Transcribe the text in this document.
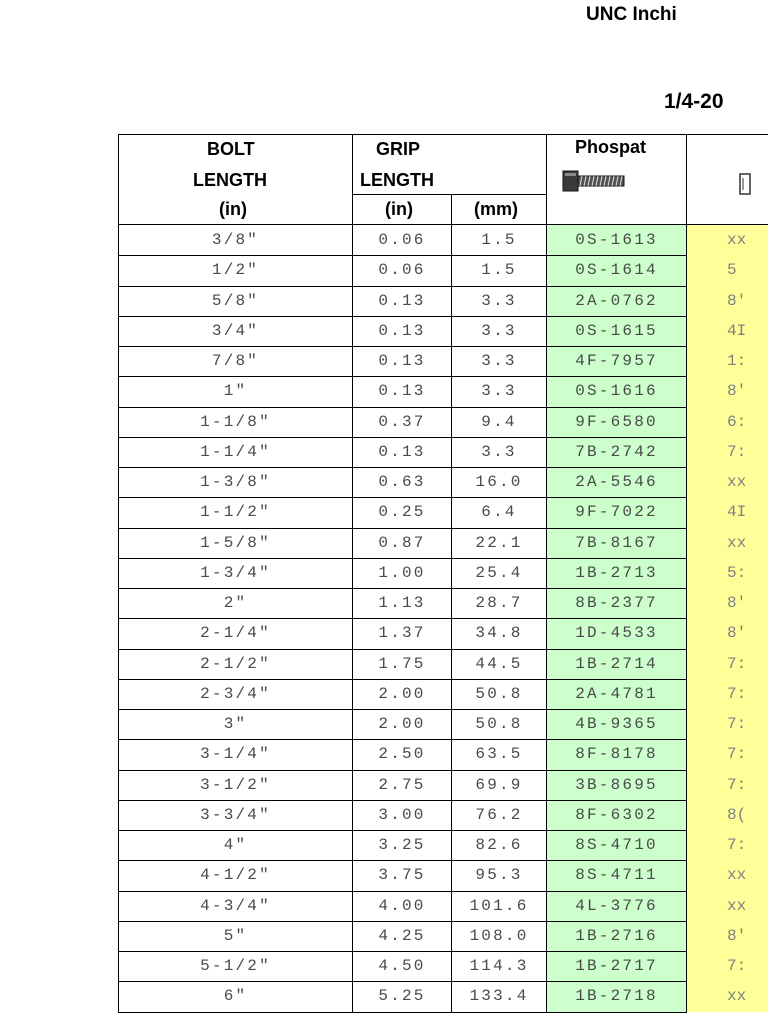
UNC Inchi
1/4-20
BOLT
LENGTH
(in)
GRIP
LENGTH
(in)	(mm)
Phospat
3/8"	0.06	1.5	0S-1613	xx
1/2"	0.06	1.5	0S-1614	5
5/8"	0.13	3.3	2A-0762	8'
3/4"	0.13	3.3	0S-1615	4I
7/8"	0.13	3.3	4F-7957	1:
1"	0.13	3.3	0S-1616	8'
1-1/8"	0.37	9.4	9F-6580	6:
1-1/4"	0.13	3.3	7B-2742	7:
1-3/8"	0.63	16.0	2A-5546	xx
1-1/2"	0.25	6.4	9F-7022	4I
1-5/8"	0.87	22.1	7B-8167	xx
1-3/4"	1.00	25.4	1B-2713	5:
2"	1.13	28.7	8B-2377	8'
2-1/4"	1.37	34.8	1D-4533	8'
2-1/2"	1.75	44.5	1B-2714	7:
2-3/4"	2.00	50.8	2A-4781	7:
3"	2.00	50.8	4B-9365	7:
3-1/4"	2.50	63.5	8F-8178	7:
3-1/2"	2.75	69.9	3B-8695	7:
3-3/4"	3.00	76.2	8F-6302	8(
4"	3.25	82.6	8S-4710	7:
4-1/2"	3.75	95.3	8S-4711	xx
4-3/4"	4.00	101.6	4L-3776	xx
5"	4.25	108.0	1B-2716	8'
5-1/2"	4.50	114.3	1B-2717	7:
6"	5.25	133.4	1B-2718	xx
